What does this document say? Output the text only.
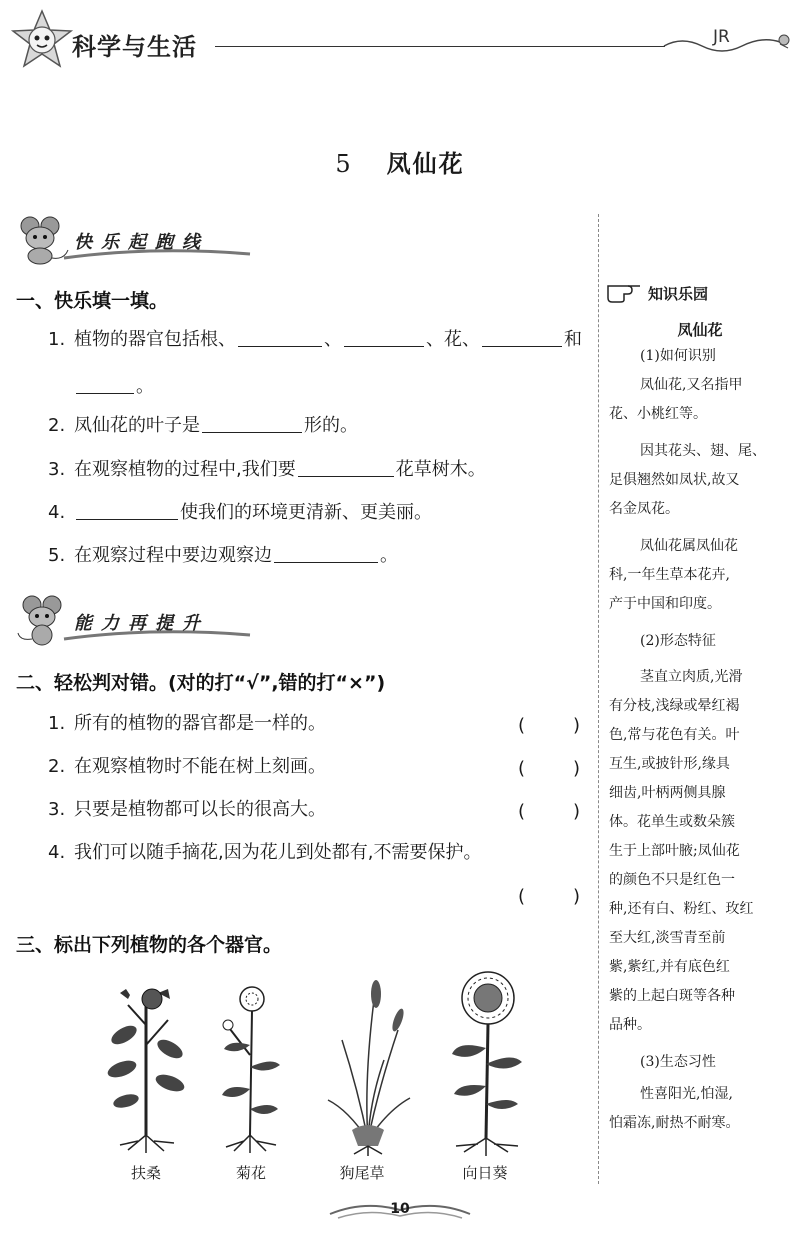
科学与生活	JR
5 凤仙花
快乐起跑线
一、快乐填一填。
1. 植物的器官包括根、	、	、花、	和
。
2. 凤仙花的叶子是	形的。
3. 在观察植物的过程中,我们要	花草树木。
4.	使我们的环境更清新、更美丽。
5. 在观察过程中要边观察边	。
能力再提升
二、轻松判对错。(对的打“√”,错的打“×”)
1. 所有的植物的器官都是一样的。	(	)
2. 在观察植物时不能在树上刻画。	(	)
3. 只要是植物都可以长的很高大。	(	)
4. 我们可以随手摘花,因为花儿到处都有,不需要保护。
(	)
三、标出下列植物的各个器官。
扶桑	菊花	狗尾草	向日葵
知识乐园
凤仙花
(1)如何识别
凤仙花,又名指甲
花、小桃红等。
因其花头、翅、尾、
足俱翘然如凤状,故又
名金凤花。
凤仙花属凤仙花
科,一年生草本花卉,
产于中国和印度。
(2)形态特征
茎直立肉质,光滑
有分枝,浅绿或晕红褐
色,常与花色有关。叶
互生,或披针形,缘具
细齿,叶柄两侧具腺
体。花单生或数朵簇
生于上部叶腋;凤仙花
的颜色不只是红色一
种,还有白、粉红、玫红
至大红,淡雪青至前
紫,紫红,并有底色红
紫的上起白斑等各种
品种。
(3)生态习性
性喜阳光,怕湿,
怕霜冻,耐热不耐寒。
10
